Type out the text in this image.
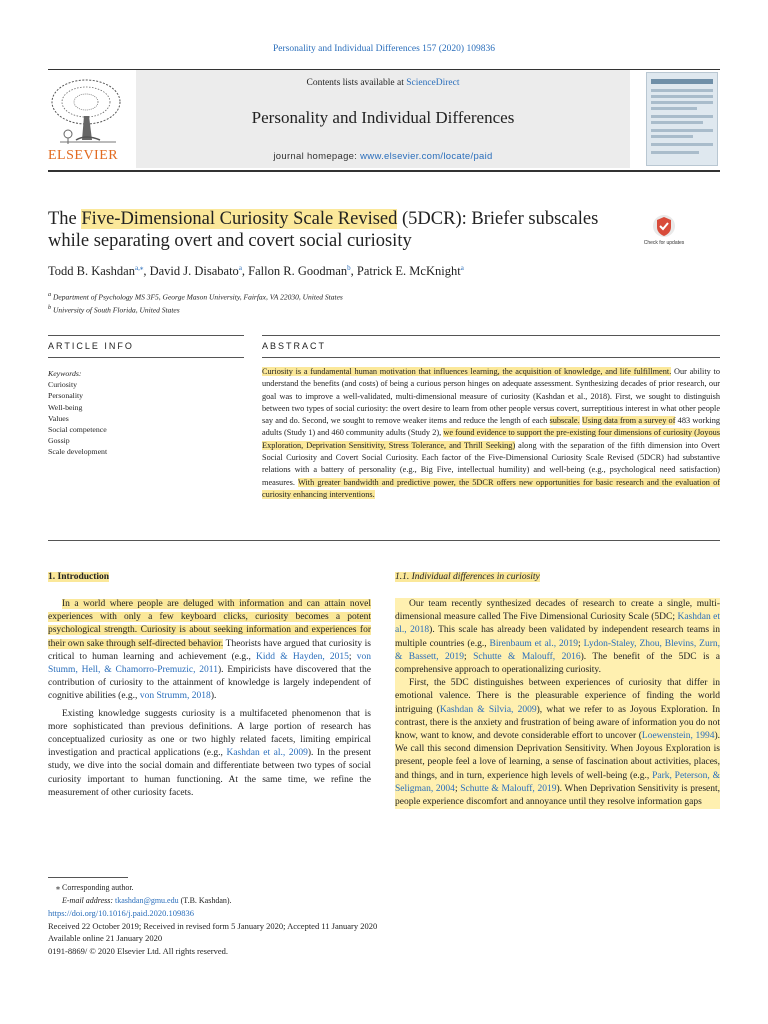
Personality and Individual Differences 157 (2020) 109836
ELSEVIER
Contents lists available at ScienceDirect
Personality and Individual Differences
journal homepage: www.elsevier.com/locate/paid
The Five-Dimensional Curiosity Scale Revised (5DCR): Briefer subscales while separating overt and covert social curiosity	Check for updates
Todd B. Kashdan$^{a,⁎}$, David J. Disabato$^a$, Fallon R. Goodman$^b$, Patrick E. McKnight$^a$
$^a$ Department of Psychology MS 3F5, George Mason University, Fairfax, VA 22030, United States
$^b$ University of South Florida, United States
ARTICLE INFO	ABSTRACT
Keywords:
Curiosity
Personality
Well-being
Values
Social competence
Gossip
Scale development
Curiosity is a fundamental human motivation that influences learning, the acquisition of knowledge, and life fulfillment. Our ability to understand the benefits (and costs) of being a curious person hinges on adequate assessment. Synthesizing decades of prior research, our goal was to improve a well-validated, multi-dimensional measure of curiosity (Kashdan et al., 2018). First, we sought to distinguish between two types of social curiosity: the overt desire to learn from other people versus covert, surreptitious interest in what other people say and do. Second, we sought to remove weaker items and reduce the length of each subscale. Using data from a survey of 483 working adults (Study 1) and 460 community adults (Study 2), we found evidence to support the pre-existing four dimensions of curiosity (Joyous Exploration, Deprivation Sensitivity, Stress Tolerance, and Thrill Seeking) along with the separation of the fifth dimension into Overt Social Curiosity and Covert Social Curiosity. Each factor of the Five-Dimensional Curiosity Scale Revised (5DCR) had substantive relations with a battery of personality (e.g., Big Five, intellectual humility) and well-being (e.g., psychological need satisfaction) measures. With greater bandwidth and predictive power, the 5DCR offers new opportunities for basic research and the evaluation of curiosity enhancing interventions.
1. Introduction	1.1. Individual differences in curiosity

In a world where people are deluged with information and can attain novel experiences with only a few keyboard clicks, curiosity becomes a potent psychological strength. Curiosity is about seeking information and experiences for their own sake through self-directed behavior. Theorists have argued that curiosity is critical to human learning and achievement (e.g., Kidd & Hayden, 2015; von Stumm, Hell, & Chamorro-Premuzic, 2011). Empiricists have discovered that the contribution of curiosity to the attainment of knowledge is largely independent of cognitive abilities (e.g., von Strumm, 2018).

Existing knowledge suggests curiosity is a multifaceted phenomenon that is more sophisticated than previous definitions. A large portion of research has conceptualized curiosity as one or two highly related facets, limiting empirical investigation and practical applications (e.g., Kashdan et al., 2009). In the present study, we dive into the social domain and differentiate between two types of social curiosity important to human functioning. At the same time, we refine the measurement of other curiosity facets.

Our team recently synthesized decades of research to create a single, multi-dimensional measure called The Five Dimensional Curiosity Scale (5DC; Kashdan et al., 2018). This scale has already been validated by independent research teams in multiple countries (e.g., Birenbaum et al., 2019; Lydon-Staley, Zhou, Blevins, Zurn, & Bassett, 2019; Schutte & Malouff, 2016). The benefit of the 5DC is a comprehensive approach to operationalizing curiosity.

First, the 5DC distinguishes between experiences of curiosity that differ in emotional valence. There is the pleasurable experience of finding the world intriguing (Kashdan & Silvia, 2009), what we refer to as Joyous Exploration. In contrast, there is the anxiety and frustration of being aware of information you do not know, want to know, and devote considerable effort to uncover (Loewenstein, 1994). We call this second dimension Deprivation Sensitivity. When Joyous Exploration is present, people feel a love of learning, a sense of fascination about activities, places, and things, and in turn, experience high levels of well-being (e.g., Park, Peterson, & Seligman, 2004; Schutte & Malouff, 2019). When Deprivation Sensitivity is present, people experience discomfort and annoyance until they resolve information gaps

⁎ Corresponding author.
E-mail address: tkashdan@gmu.edu (T.B. Kashdan).
https://doi.org/10.1016/j.paid.2020.109836
Received 22 October 2019; Received in revised form 5 January 2020; Accepted 11 January 2020
Available online 21 January 2020
0191-8869/ © 2020 Elsevier Ltd. All rights reserved.
